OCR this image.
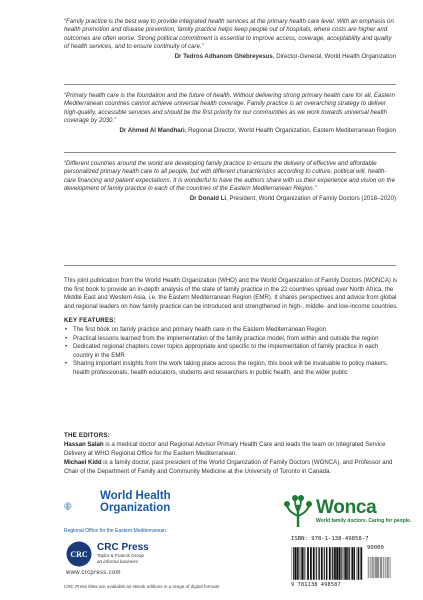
“Family practice is the best way to provide integrated health services at the primary health care level. With an emphasis on health promotion and disease prevention, family practice helps keep people out of hospitals, where costs are higher and outcomes are often worse. Strong political commitment is essential to improve access, coverage, acceptability and quality of health services, and to ensure continuity of care.”

Dr Tedros Adhanom Ghebreyesus, Director-General, World Health Organization

“Primary health care is the foundation and the future of health. Without delivering strong primary health care for all, Eastern Mediterranean countries cannot achieve universal health coverage. Family practice is an overarching strategy to deliver high-quality, accessible services and should be the first priority for our communities as we work towards universal health coverage by 2030.”

Dr Ahmed Al Mandhari, Regional Director, World Health Organization, Eastern Mediterranean Region

“Different countries around the world are developing family practice to ensure the delivery of effective and affordable personalized primary health care to all people, but with different characteristics according to culture, political will, health-care financing and patient expectations. It is wonderful to have the authors share with us their experience and vision on the development of family practice in each of the countries of the Eastern Mediterranean Region.”

Dr Donald Li, President, World Organization of Family Doctors (2018–2020)

This joint publication from the World Health Organization (WHO) and the World Organization of Family Doctors (WONCA) is the first book to provide an in-depth analysis of the state of family practice in the 22 countries spread over North Africa, the Middle East and Western Asia, i.e. the Eastern Mediterranean Region (EMR). It shares perspectives and advice from global and regional leaders on how family practice can be introduced and strengthened in high-, middle- and low-income countries.

KEY FEATURES:
• The first book on family practice and primary health care in the Eastern Mediterranean Region
• Practical lessons learned from the implementation of the family practice model, from within and outside the region
• Dedicated regional chapters cover topics appropriate and specific to the implementation of family practice in each country in the EMR
• Sharing important insights from the work taking place across the region, this book will be invaluable to policy makers, health professionals, health educators, students and researchers in public health, and the wider public
THE EDITORS:

Hassan Salah is a medical doctor and Regional Advisor Primary Health Care and leads the team on Integrated Service Delivery at WHO Regional Office for the Eastern Mediterranean.

Michael Kidd is a family doctor, past president of the World Organization of Family Doctors (WONCA), and Professor and Chair of the Department of Family and Community Medicine at the University of Toronto in Canada.

World Health
Organization
Regional Office for the Eastern Mediterranean
CRC
CRC Press
Taylor & Francis Group
an informa business
www.crcpress.com
CRC Press titles are available as eBook editions in a range of digital formats
Wonca
World family doctors. Caring for people.
ISBN: 978-1-138-49858-7
90000
9 781138 498587
